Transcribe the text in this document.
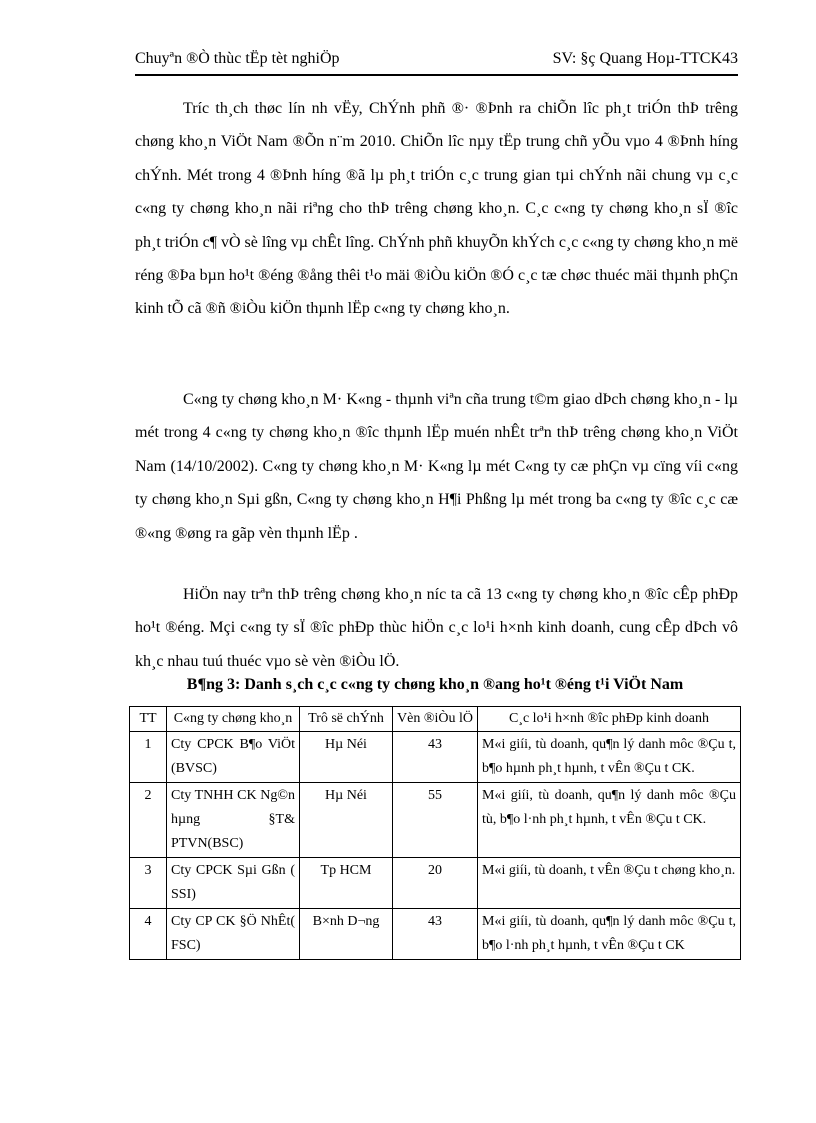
Chuyªn ®Ò thùc tËp tèt nghiÖp	SV: §ç Quang Hoµ-TTCK43

Tríc th¸ch thøc lín nh vËy, ChÝnh phñ ®· ®Þnh ra chiÕn lîc ph¸t triÓn thÞ trêng chøng kho¸n ViÖt Nam ®Õn n¨m 2010. ChiÕn lîc nµy tËp trung chñ yÕu vµo 4 ®Þnh híng chÝnh. Mét trong 4 ®Þnh híng ®ã lµ ph¸t triÓn c¸c trung gian tµi chÝnh nãi chung vµ c¸c c«ng ty chøng kho¸n nãi riªng cho thÞ trêng chøng kho¸n. C¸c c«ng ty chøng kho¸n sÏ ®îc ph¸t triÓn c¶ vÒ sè lîng vµ chÊt lîng. ChÝnh phñ khuyÕn khÝch c¸c c«ng ty chøng kho¸n më réng ®Þa bµn ho¹t ®éng ®ång thêi t¹o mäi ®iÒu kiÖn ®Ó c¸c tæ chøc thuéc mäi thµnh phÇn kinh tÕ cã ®ñ ®iÒu kiÖn thµnh lËp c«ng ty chøng kho¸n.

C«ng ty chøng kho¸n M· K«ng - thµnh viªn cña trung t©m giao dÞch chøng kho¸n - lµ mét trong 4 c«ng ty chøng kho¸n ®îc thµnh lËp muén nhÊt trªn thÞ trêng chøng kho¸n ViÖt Nam (14/10/2002). C«ng ty chøng kho¸n M· K«ng lµ mét C«ng ty cæ phÇn vµ cïng víi c«ng ty chøng kho¸n Sµi gßn, C«ng ty chøng kho¸n H¶i Phßng lµ mét trong ba c«ng ty ®îc c¸c cæ ®«ng ®øng ra gãp vèn thµnh lËp .

HiÖn nay trªn thÞ trêng chøng kho¸n níc ta cã 13 c«ng ty chøng kho¸n ®îc cÊp phÐp ho¹t ®éng. Mçi c«ng ty sÏ ®îc phÐp thùc hiÖn c¸c lo¹i h×nh kinh doanh, cung cÊp dÞch vô kh¸c nhau tuú thuéc vµo sè vèn ®iÒu lÖ.

B¶ng 3: Danh s¸ch c¸c c«ng ty chøng kho¸n ®ang ho¹t ®éng t¹i ViÖt Nam
TT	C«ng ty chøng kho¸n	Trô së chÝnh	Vèn ®iÒu lÖ	C¸c lo¹i h×nh ®îc phÐp kinh doanh
1	Cty CPCK B¶o ViÖt (BVSC)	Hµ Néi	43	M«i giíi, tù doanh, qu¶n lý danh môc ®Çu t, b¶o hµnh ph¸t hµnh, t vÊn ®Çu t CK.
2	Cty TNHH CK Ng©n hµng §T& PTVN(BSC)	Hµ Néi	55	M«i giíi, tù doanh, qu¶n lý danh môc ®Çu tù, b¶o l·nh ph¸t hµnh, t vÊn ®Çu t CK.
3	Cty CPCK Sµi Gßn ( SSI)	Tp HCM	20	M«i giíi, tù doanh, t vÊn ®Çu t chøng kho¸n.
4	Cty CP CK §Ö NhÊt( FSC)	B×nh D¬ng	43	M«i giíi, tù doanh, qu¶n lý danh môc ®Çu t, b¶o l·nh ph¸t hµnh, t vÊn ®Çu t CK
